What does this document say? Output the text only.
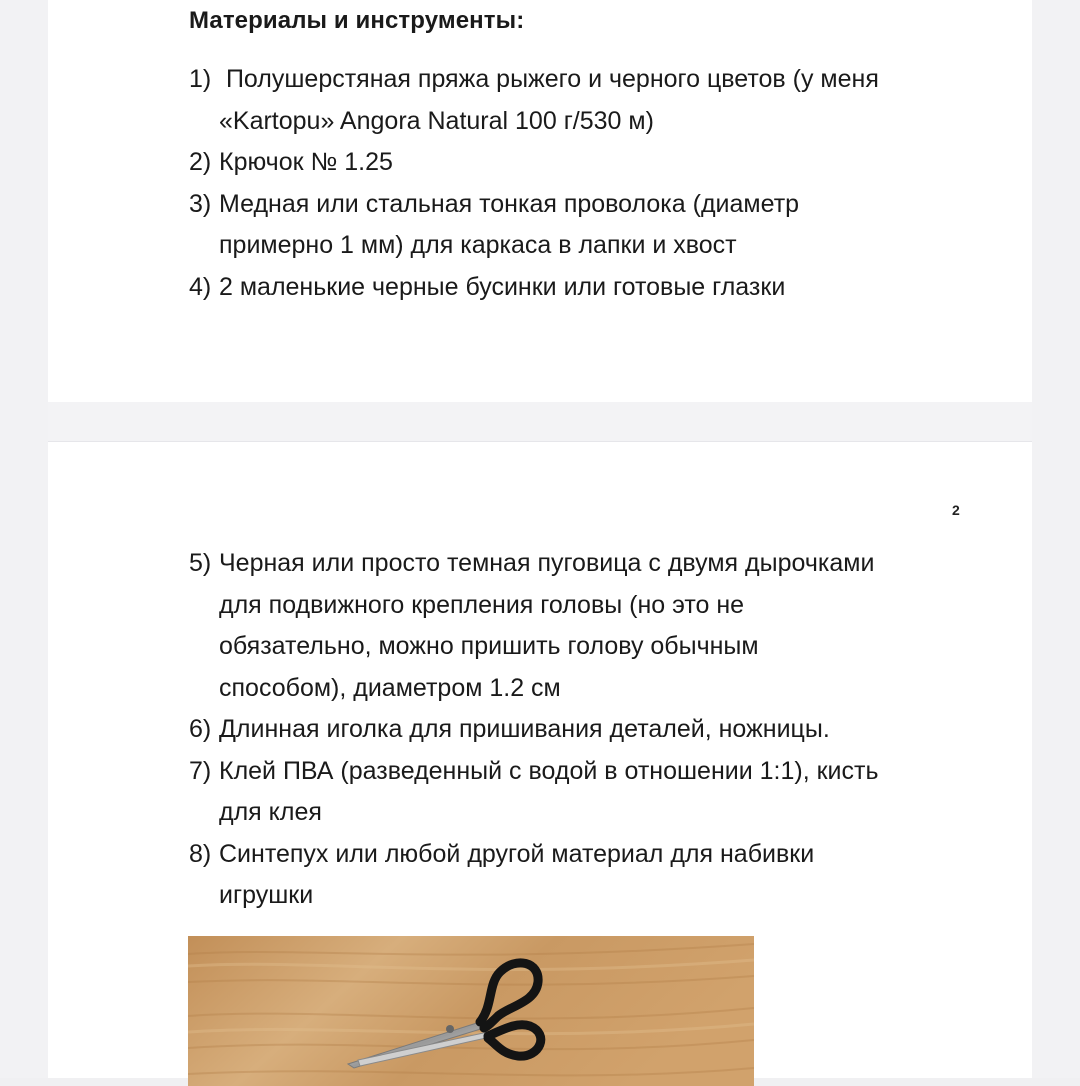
Материалы и инструменты:
1) Полушерстяная пряжа рыжего и черного цветов (у меня
«Kartopu» Angora Natural 100 г/530 м)
2) Крючок № 1.25
3) Медная или стальная тонкая проволока (диаметр
примерно 1 мм) для каркаса в лапки и хвост
4) 2 маленькие черные бусинки или готовые глазки
2
5) Черная или просто темная пуговица с двумя дырочками
для подвижного крепления головы (но это не
обязательно, можно пришить голову обычным
способом), диаметром 1.2 см
6) Длинная иголка для пришивания деталей, ножницы.
7) Клей ПВА (разведенный с водой в отношении 1:1), кисть
для клея
8) Синтепух или любой другой материал для набивки
игрушки
